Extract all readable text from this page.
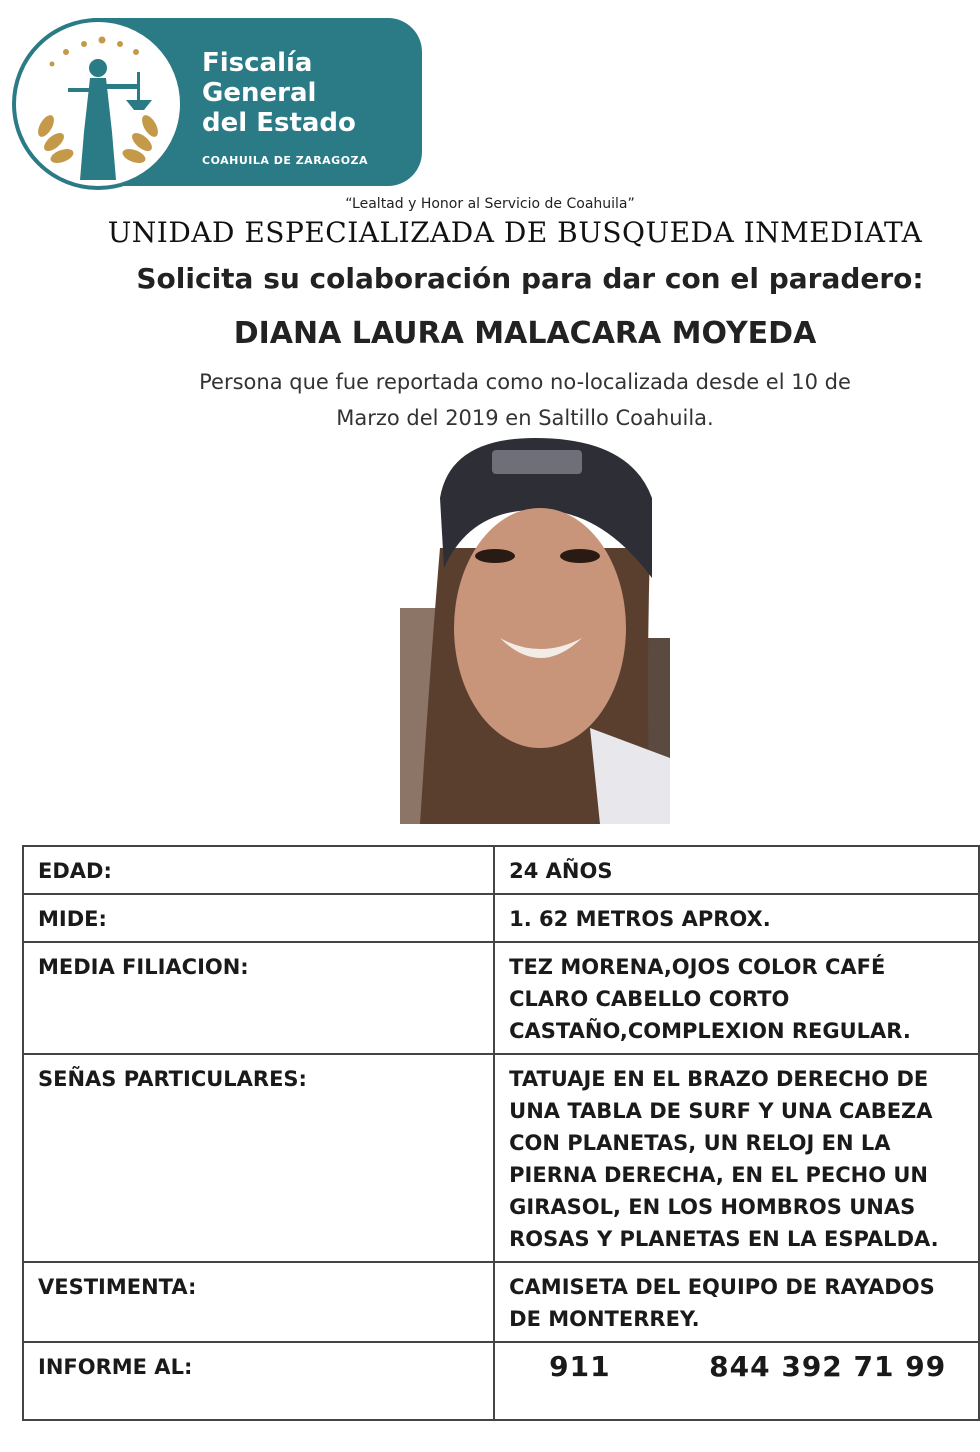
Fiscalía
General
del Estado
COAHUILA DE ZARAGOZA
“Lealtad y Honor al Servicio de Coahuila”
UNIDAD ESPECIALIZADA DE BUSQUEDA INMEDIATA
Solicita su colaboración para dar con el paradero:
DIANA LAURA MALACARA MOYEDA
Persona que fue reportada como no-localizada desde el 10 de
Marzo del 2019 en Saltillo Coahuila.
EDAD:	24 AÑOS
MIDE:	1. 62 METROS APROX.
MEDIA FILIACION:	TEZ MORENA,OJOS COLOR CAFÉ CLARO CABELLO CORTO CASTAÑO,COMPLEXION REGULAR.
SEÑAS PARTICULARES:	TATUAJE EN EL BRAZO DERECHO DE UNA TABLA DE SURF Y UNA CABEZA CON PLANETAS, UN RELOJ EN LA PIERNA DERECHA, EN EL PECHO UN GIRASOL, EN LOS HOMBROS UNAS ROSAS Y PLANETAS EN LA ESPALDA.
VESTIMENTA:	CAMISETA DEL EQUIPO DE RAYADOS DE MONTERREY.
INFORME AL:	911 844 392 71 99
